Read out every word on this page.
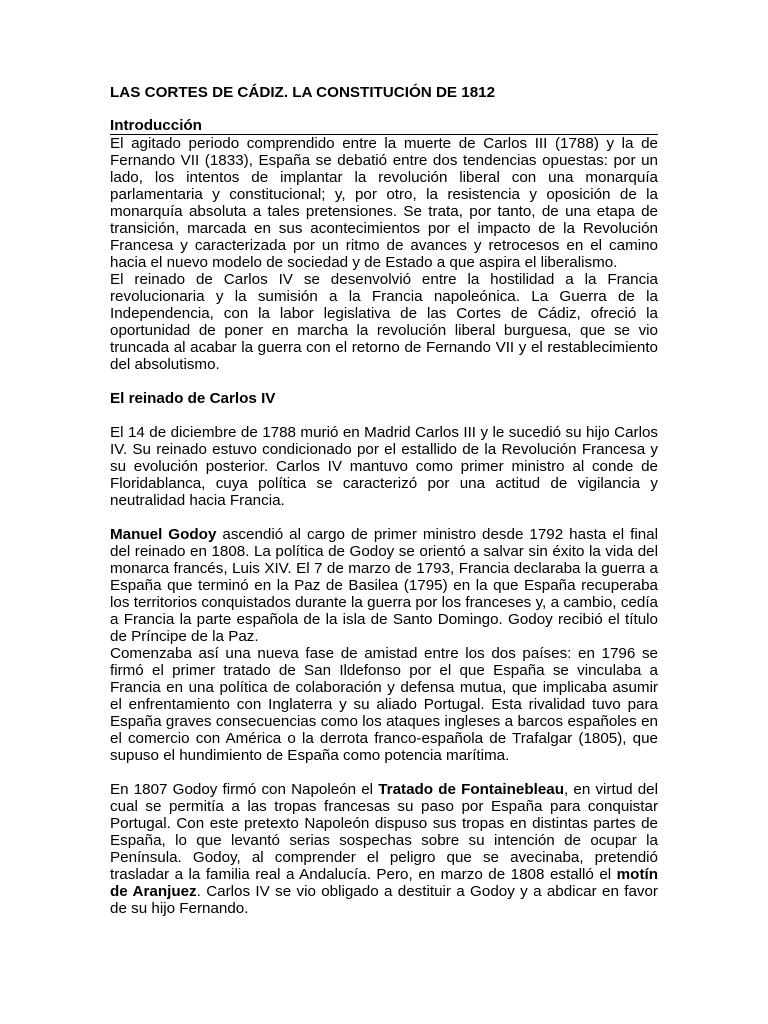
LAS CORTES DE CÁDIZ. LA CONSTITUCIÓN DE 1812

Introducción

El agitado periodo comprendido entre la muerte de Carlos III (1788) y la de Fernando VII (1833), España se debatió entre dos tendencias opuestas: por un lado, los intentos de implantar la revolución liberal con una monarquía parlamentaria y constitucional; y, por otro, la resistencia y oposición de la monarquía absoluta a tales pretensiones. Se trata, por tanto, de una etapa de transición, marcada en sus acontecimientos por el impacto de la Revolución Francesa y caracterizada por un ritmo de avances y retrocesos en el camino hacia el nuevo modelo de sociedad y de Estado a que aspira el liberalismo.

El reinado de Carlos IV se desenvolvió entre la hostilidad a la Francia revolucionaria y la sumisión a la Francia napoleónica. La Guerra de la Independencia, con la labor legislativa de las Cortes de Cádiz, ofreció la oportunidad de poner en marcha la revolución liberal burguesa, que se vio truncada al acabar la guerra con el retorno de Fernando VII y el restablecimiento del absolutismo.

El reinado de Carlos IV

El 14 de diciembre de 1788 murió en Madrid Carlos III y le sucedió su hijo Carlos IV. Su reinado estuvo condicionado por el estallido de la Revolución Francesa y su evolución posterior. Carlos IV mantuvo como primer ministro al conde de Floridablanca, cuya política se caracterizó por una actitud de vigilancia y neutralidad hacia Francia.

Manuel Godoy ascendió al cargo de primer ministro desde 1792 hasta el final del reinado en 1808. La política de Godoy se orientó a salvar sin éxito la vida del monarca francés, Luis XIV. El 7 de marzo de 1793, Francia declaraba la guerra a España que terminó en la Paz de Basilea (1795) en la que España recuperaba los territorios conquistados durante la guerra por los franceses y, a cambio, cedía a Francia la parte española de la isla de Santo Domingo. Godoy recibió el título de Príncipe de la Paz.

Comenzaba así una nueva fase de amistad entre los dos países: en 1796 se firmó el primer tratado de San Ildefonso por el que España se vinculaba a Francia en una política de colaboración y defensa mutua, que implicaba asumir el enfrentamiento con Inglaterra y su aliado Portugal. Esta rivalidad tuvo para España graves consecuencias como los ataques ingleses a barcos españoles en el comercio con América o la derrota franco-española de Trafalgar (1805), que supuso el hundimiento de España como potencia marítima.

En 1807 Godoy firmó con Napoleón el Tratado de Fontainebleau, en virtud del cual se permitía a las tropas francesas su paso por España para conquistar Portugal. Con este pretexto Napoleón dispuso sus tropas en distintas partes de España, lo que levantó serias sospechas sobre su intención de ocupar la Península. Godoy, al comprender el peligro que se avecinaba, pretendió trasladar a la familia real a Andalucía. Pero, en marzo de 1808 estalló el motín de Aranjuez. Carlos IV se vio obligado a destituir a Godoy y a abdicar en favor de su hijo Fernando.
